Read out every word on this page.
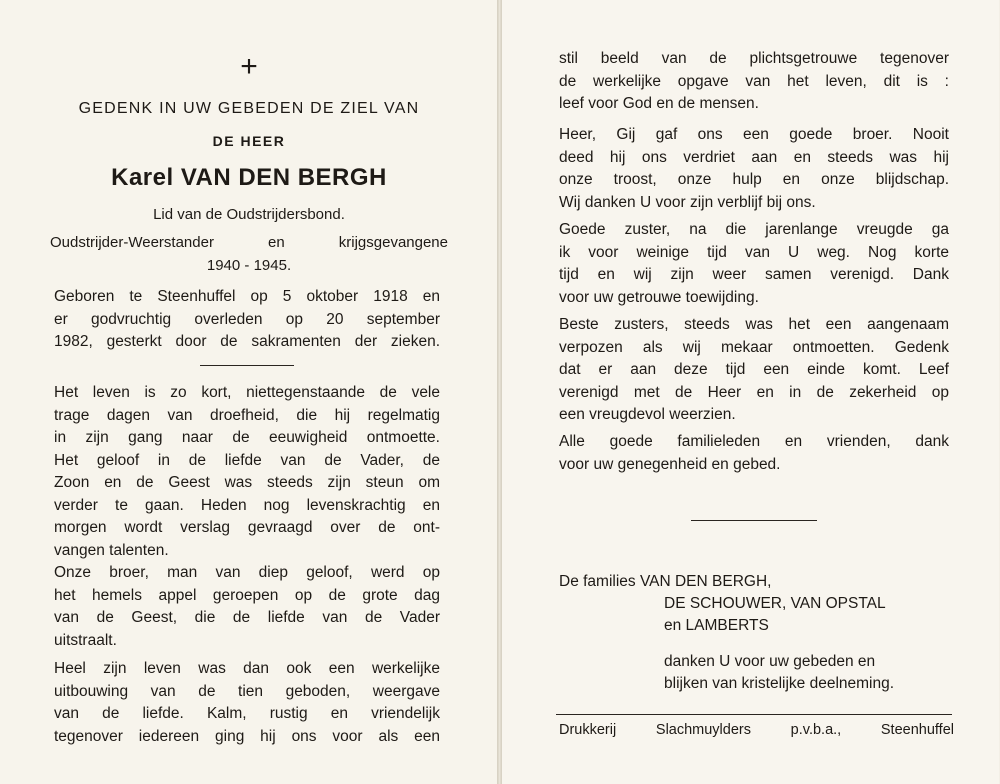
+
GEDENK IN UW GEBEDEN DE ZIEL VAN
DE HEER
Karel VAN DEN BERGH
Lid van de Oudstrijdersbond.
Oudstrijder-Weerstander en krijgsgevangene
1940 - 1945.

Geboren te Steenhuffel op 5 oktober 1918 en
er godvruchtig overleden op 20 september
1982, gesterkt door de sakramenten der zieken.

Het leven is zo kort, niettegenstaande de vele
trage dagen van droefheid, die hij regelmatig
in zijn gang naar de eeuwigheid ontmoette.
Het geloof in de liefde van de Vader, de
Zoon en de Geest was steeds zijn steun om
verder te gaan. Heden nog levenskrachtig en
morgen wordt verslag gevraagd over de ont-
vangen talenten.

Onze broer, man van diep geloof, werd op
het hemels appel geroepen op de grote dag
van de Geest, die de liefde van de Vader
uitstraalt.

Heel zijn leven was dan ook een werkelijke
uitbouwing van de tien geboden, weergave
van de liefde. Kalm, rustig en vriendelijk
tegenover iedereen ging hij ons voor als een

stil beeld van de plichtsgetrouwe tegenover
de werkelijke opgave van het leven, dit is :
leef voor God en de mensen.

Heer, Gij gaf ons een goede broer. Nooit
deed hij ons verdriet aan en steeds was hij
onze troost, onze hulp en onze blijdschap.
Wij danken U voor zijn verblijf bij ons.

Goede zuster, na die jarenlange vreugde ga
ik voor weinige tijd van U weg. Nog korte
tijd en wij zijn weer samen verenigd. Dank
voor uw getrouwe toewijding.

Beste zusters, steeds was het een aangenaam
verpozen als wij mekaar ontmoetten. Gedenk
dat er aan deze tijd een einde komt. Leef
verenigd met de Heer en in de zekerheid op
een vreugdevol weerzien.

Alle goede familieleden en vrienden, dank
voor uw genegenheid en gebed.

De families VAN DEN BERGH,
DE SCHOUWER, VAN OPSTAL
en LAMBERTS
danken U voor uw gebeden en
blijken van kristelijke deelneming.
Drukkerij Slachmuylders p.v.b.a., Steenhuffel
